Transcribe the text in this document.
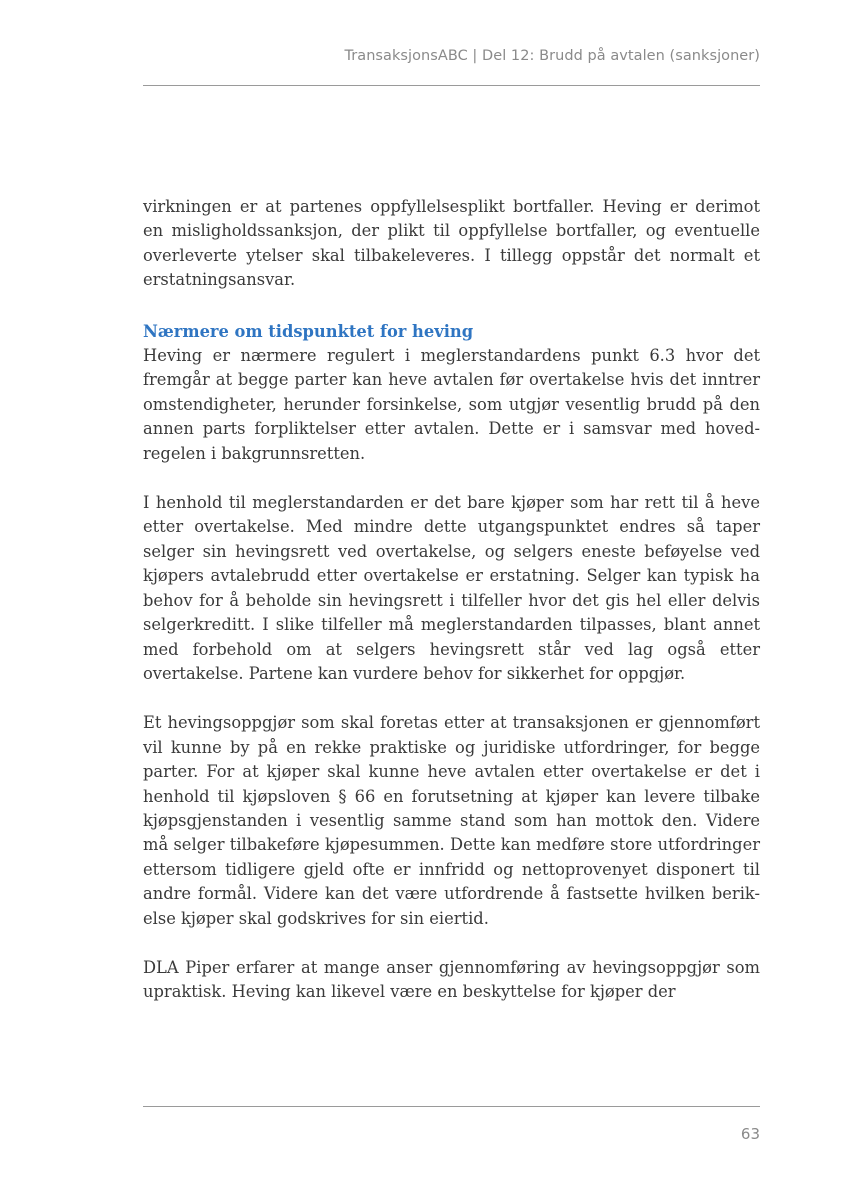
TransaksjonsABC | Del 12: Brudd på avtalen (sanksjoner)

virkningen er at partenes oppfyllelsesplikt bortfaller. Heving er derimot en misligholdssanksjon, der plikt til oppfyllelse bortfaller, og eventuelle overleverte ytelser skal tilbakeleveres. I tillegg oppstår det normalt et erstatningsansvar.

Nærmere om tidspunktet for heving

Heving er nærmere regulert i meglerstandardens punkt 6.3 hvor det fremgår at begge parter kan heve avtalen før overtakelse hvis det inntrer omstendigheter, herunder forsinkelse, som utgjør vesentlig brudd på den annen parts forpliktelser etter avtalen. Dette er i samsvar med hoved-regelen i bakgrunnsretten.

I henhold til meglerstandarden er det bare kjøper som har rett til å heve etter overtakelse. Med mindre dette utgangspunktet endres så taper selger sin hevingsrett ved overtakelse, og selgers eneste beføyelse ved kjøpers avtalebrudd etter overtakelse er erstatning. Selger kan typisk ha behov for å beholde sin hevingsrett i tilfeller hvor det gis hel eller delvis selgerkreditt. I slike tilfeller må meglerstandarden tilpasses, blant annet med forbehold om at selgers hevingsrett står ved lag også etter overtakelse. Partene kan vurdere behov for sikkerhet for oppgjør.

Et hevingsoppgjør som skal foretas etter at transaksjonen er gjennomført vil kunne by på en rekke praktiske og juridiske utfordringer, for begge parter. For at kjøper skal kunne heve avtalen etter overtakelse er det i henhold til kjøpsloven § 66 en forutsetning at kjøper kan levere tilbake kjøpsgjenstanden i vesentlig samme stand som han mottok den. Videre må selger tilbakeføre kjøpesummen. Dette kan medføre store utfordringer ettersom tidligere gjeld ofte er innfridd og nettoprovenyet disponert til andre formål. Videre kan det være utfordrende å fastsette hvilken berik-else kjøper skal godskrives for sin eiertid.

DLA Piper erfarer at mange anser gjennomføring av hevingsoppgjør som upraktisk. Heving kan likevel være en beskyttelse for kjøper der

63
